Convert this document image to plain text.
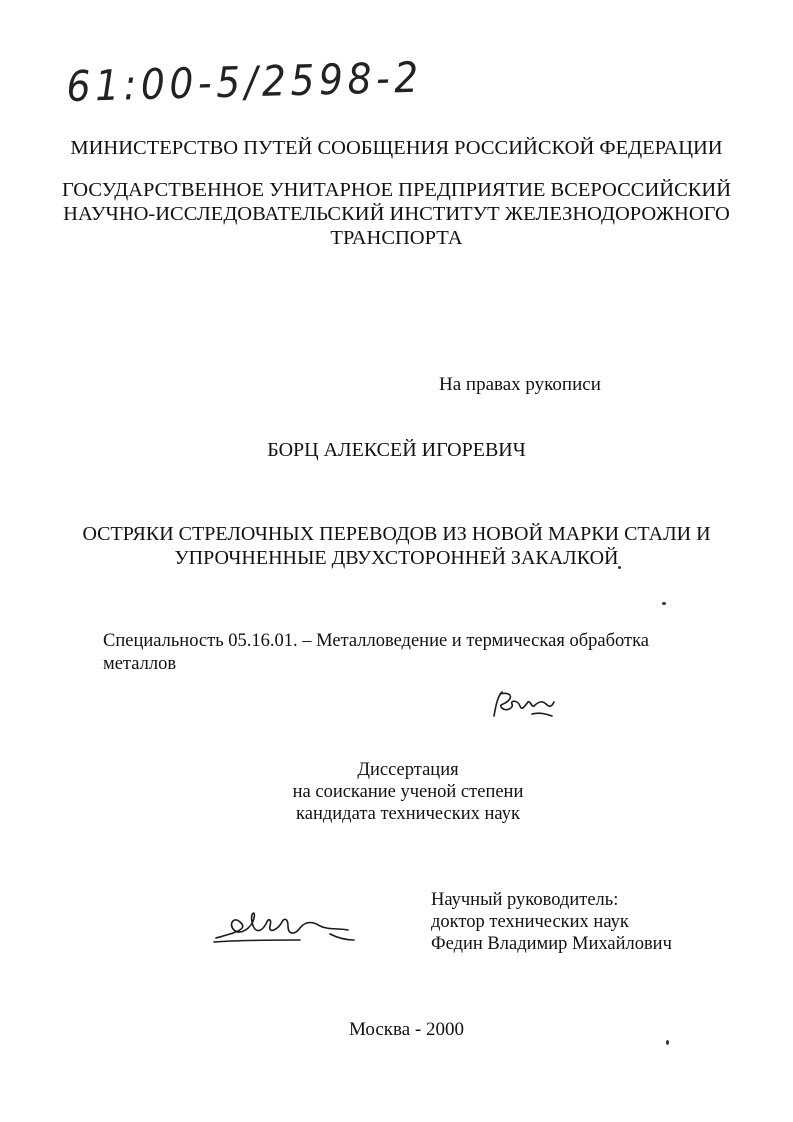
61:00-5/2598-2
МИНИСТЕРСТВО ПУТЕЙ СООБЩЕНИЯ РОССИЙСКОЙ ФЕДЕРАЦИИ
ГОСУДАРСТВЕННОЕ УНИТАРНОЕ ПРЕДПРИЯТИЕ ВСЕРОССИЙСКИЙ
НАУЧНО-ИССЛЕДОВАТЕЛЬСКИЙ ИНСТИТУТ ЖЕЛЕЗНОДОРОЖНОГО
ТРАНСПОРТА
На правах рукописи
БОРЦ АЛЕКСЕЙ ИГОРЕВИЧ
ОСТРЯКИ СТРЕЛОЧНЫХ ПЕРЕВОДОВ ИЗ НОВОЙ МАРКИ СТАЛИ И
УПРОЧНЕННЫЕ ДВУХСТОРОННЕЙ ЗАКАЛКОЙ
Специальность 05.16.01. – Металловедение и термическая обработка
металлов
Диссертация
на соискание ученой степени
кандидата технических наук
Научный руководитель:
доктор технических наук
Федин Владимир Михайлович
Москва - 2000
